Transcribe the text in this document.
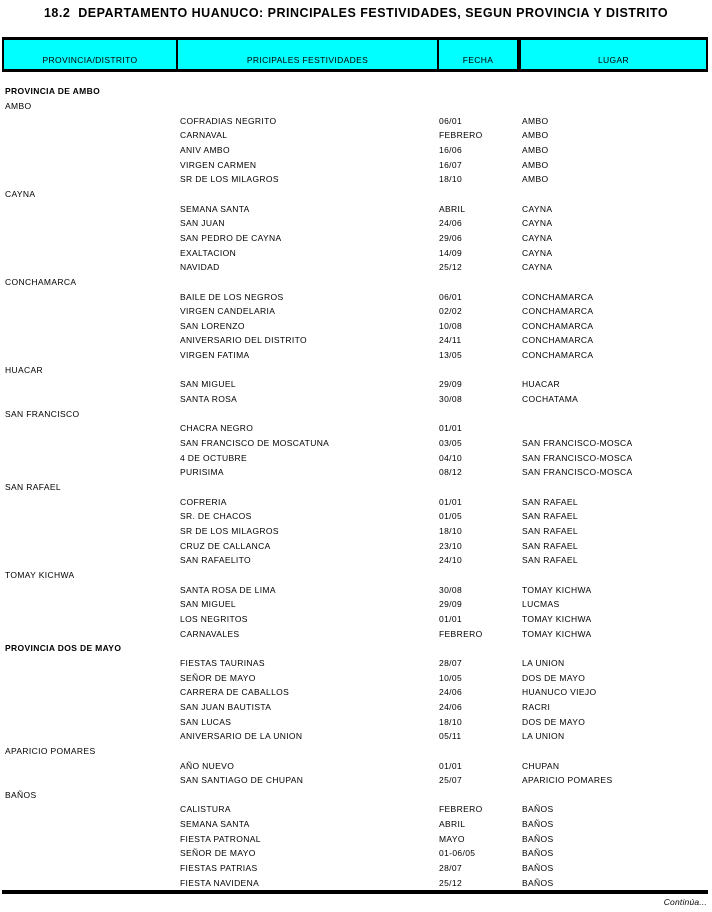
18.2  DEPARTAMENTO HUANUCO: PRINCIPALES FESTIVIDADES, SEGUN PROVINCIA Y DISTRITO
PROVINCIA/DISTRITO	PRICIPALES FESTIVIDADES	FECHA	LUGAR
PROVINCIA DE AMBO
AMBO
COFRADIAS NEGRITO	06/01	AMBO
CARNAVAL	FEBRERO	AMBO
ANIV AMBO	16/06	AMBO
VIRGEN CARMEN	16/07	AMBO
SR DE LOS MILAGROS	18/10	AMBO
CAYNA
SEMANA SANTA	ABRIL	CAYNA
SAN JUAN	24/06	CAYNA
SAN PEDRO DE CAYNA	29/06	CAYNA
EXALTACION	14/09	CAYNA
NAVIDAD	25/12	CAYNA
CONCHAMARCA
BAILE DE LOS NEGROS	06/01	CONCHAMARCA
VIRGEN CANDELARIA	02/02	CONCHAMARCA
SAN LORENZO	10/08	CONCHAMARCA
ANIVERSARIO DEL DISTRITO	24/11	CONCHAMARCA
VIRGEN FATIMA	13/05	CONCHAMARCA
HUACAR
SAN MIGUEL	29/09	HUACAR
SANTA ROSA	30/08	COCHATAMA
SAN FRANCISCO
CHACRA NEGRO	01/01
SAN FRANCISCO DE MOSCATUNA	03/05	SAN FRANCISCO-MOSCA
4 DE OCTUBRE	04/10	SAN FRANCISCO-MOSCA
PURISIMA	08/12	SAN FRANCISCO-MOSCA
SAN RAFAEL
COFRERIA	01/01	SAN RAFAEL
SR. DE CHACOS	01/05	SAN RAFAEL
SR DE LOS MILAGROS	18/10	SAN RAFAEL
CRUZ DE CALLANCA	23/10	SAN RAFAEL
SAN RAFAELITO	24/10	SAN RAFAEL
TOMAY KICHWA
SANTA ROSA DE LIMA	30/08	TOMAY KICHWA
SAN MIGUEL	29/09	LUCMAS
LOS NEGRITOS	01/01	TOMAY KICHWA
CARNAVALES	FEBRERO	TOMAY KICHWA
PROVINCIA DOS DE MAYO
FIESTAS TAURINAS	28/07	LA UNION
SEÑOR DE MAYO	10/05	DOS DE MAYO
CARRERA DE CABALLOS	24/06	HUANUCO VIEJO
SAN JUAN BAUTISTA	24/06	RACRI
SAN LUCAS	18/10	DOS DE MAYO
ANIVERSARIO DE LA UNION	05/11	LA UNION
APARICIO POMARES
AÑO NUEVO	01/01	CHUPAN
SAN SANTIAGO DE CHUPAN	25/07	APARICIO POMARES
BAÑOS
CALISTURA	FEBRERO	BAÑOS
SEMANA SANTA	ABRIL	BAÑOS
FIESTA PATRONAL	MAYO	BAÑOS
SEÑOR DE MAYO	01-06/05	BAÑOS
FIESTAS PATRIAS	28/07	BAÑOS
FIESTA NAVIDENA	25/12	BAÑOS
Continúa...
